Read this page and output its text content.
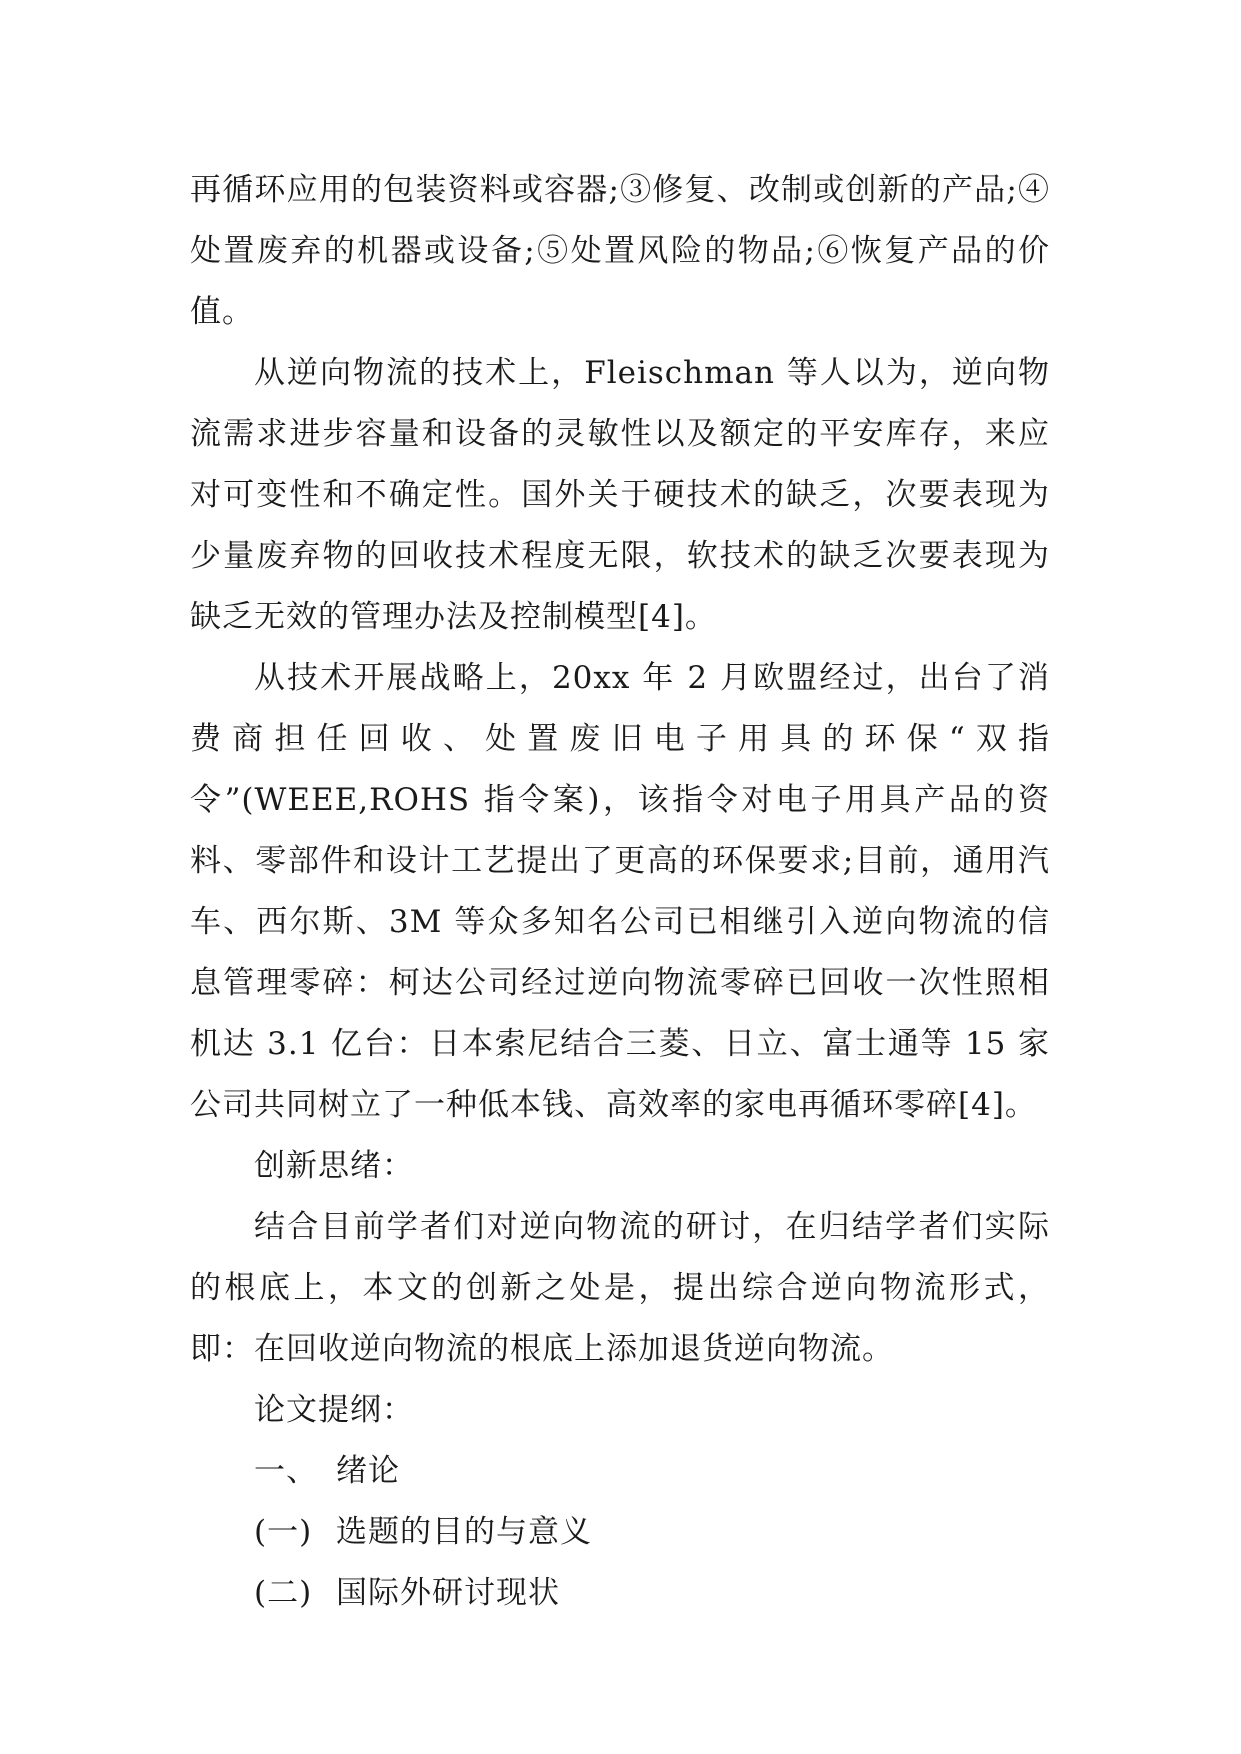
再循环应用的包装资料或容器;③修复、改制或创新的产品;④处置废弃的机器或设备;⑤处置风险的物品;⑥恢复产品的价值。

从逆向物流的技术上，Fleischman 等人以为，逆向物流需求进步容量和设备的灵敏性以及额定的平安库存，来应对可变性和不确定性。国外关于硬技术的缺乏，次要表现为少量废弃物的回收技术程度无限，软技术的缺乏次要表现为缺乏无效的管理办法及控制模型[4]。

从技术开展战略上，20xx 年 2 月欧盟经过，出台了消费商担任回收、处置废旧电子用具的环保“双指令”(WEEE,ROHS 指令案)，该指令对电子用具产品的资料、零部件和设计工艺提出了更高的环保要求;目前，通用汽车、西尔斯、3M 等众多知名公司已相继引入逆向物流的信息管理零碎：柯达公司经过逆向物流零碎已回收一次性照相机达 3.1 亿台：日本索尼结合三菱、日立、富士通等 15 家公司共同树立了一种低本钱、高效率的家电再循环零碎[4]。

创新思绪：

结合目前学者们对逆向物流的研讨，在归结学者们实际的根底上，本文的创新之处是，提出综合逆向物流形式，即：在回收逆向物流的根底上添加退货逆向物流。

论文提纲：

一、 绪论
(一) 选题的目的与意义
(二) 国际外研讨现状
